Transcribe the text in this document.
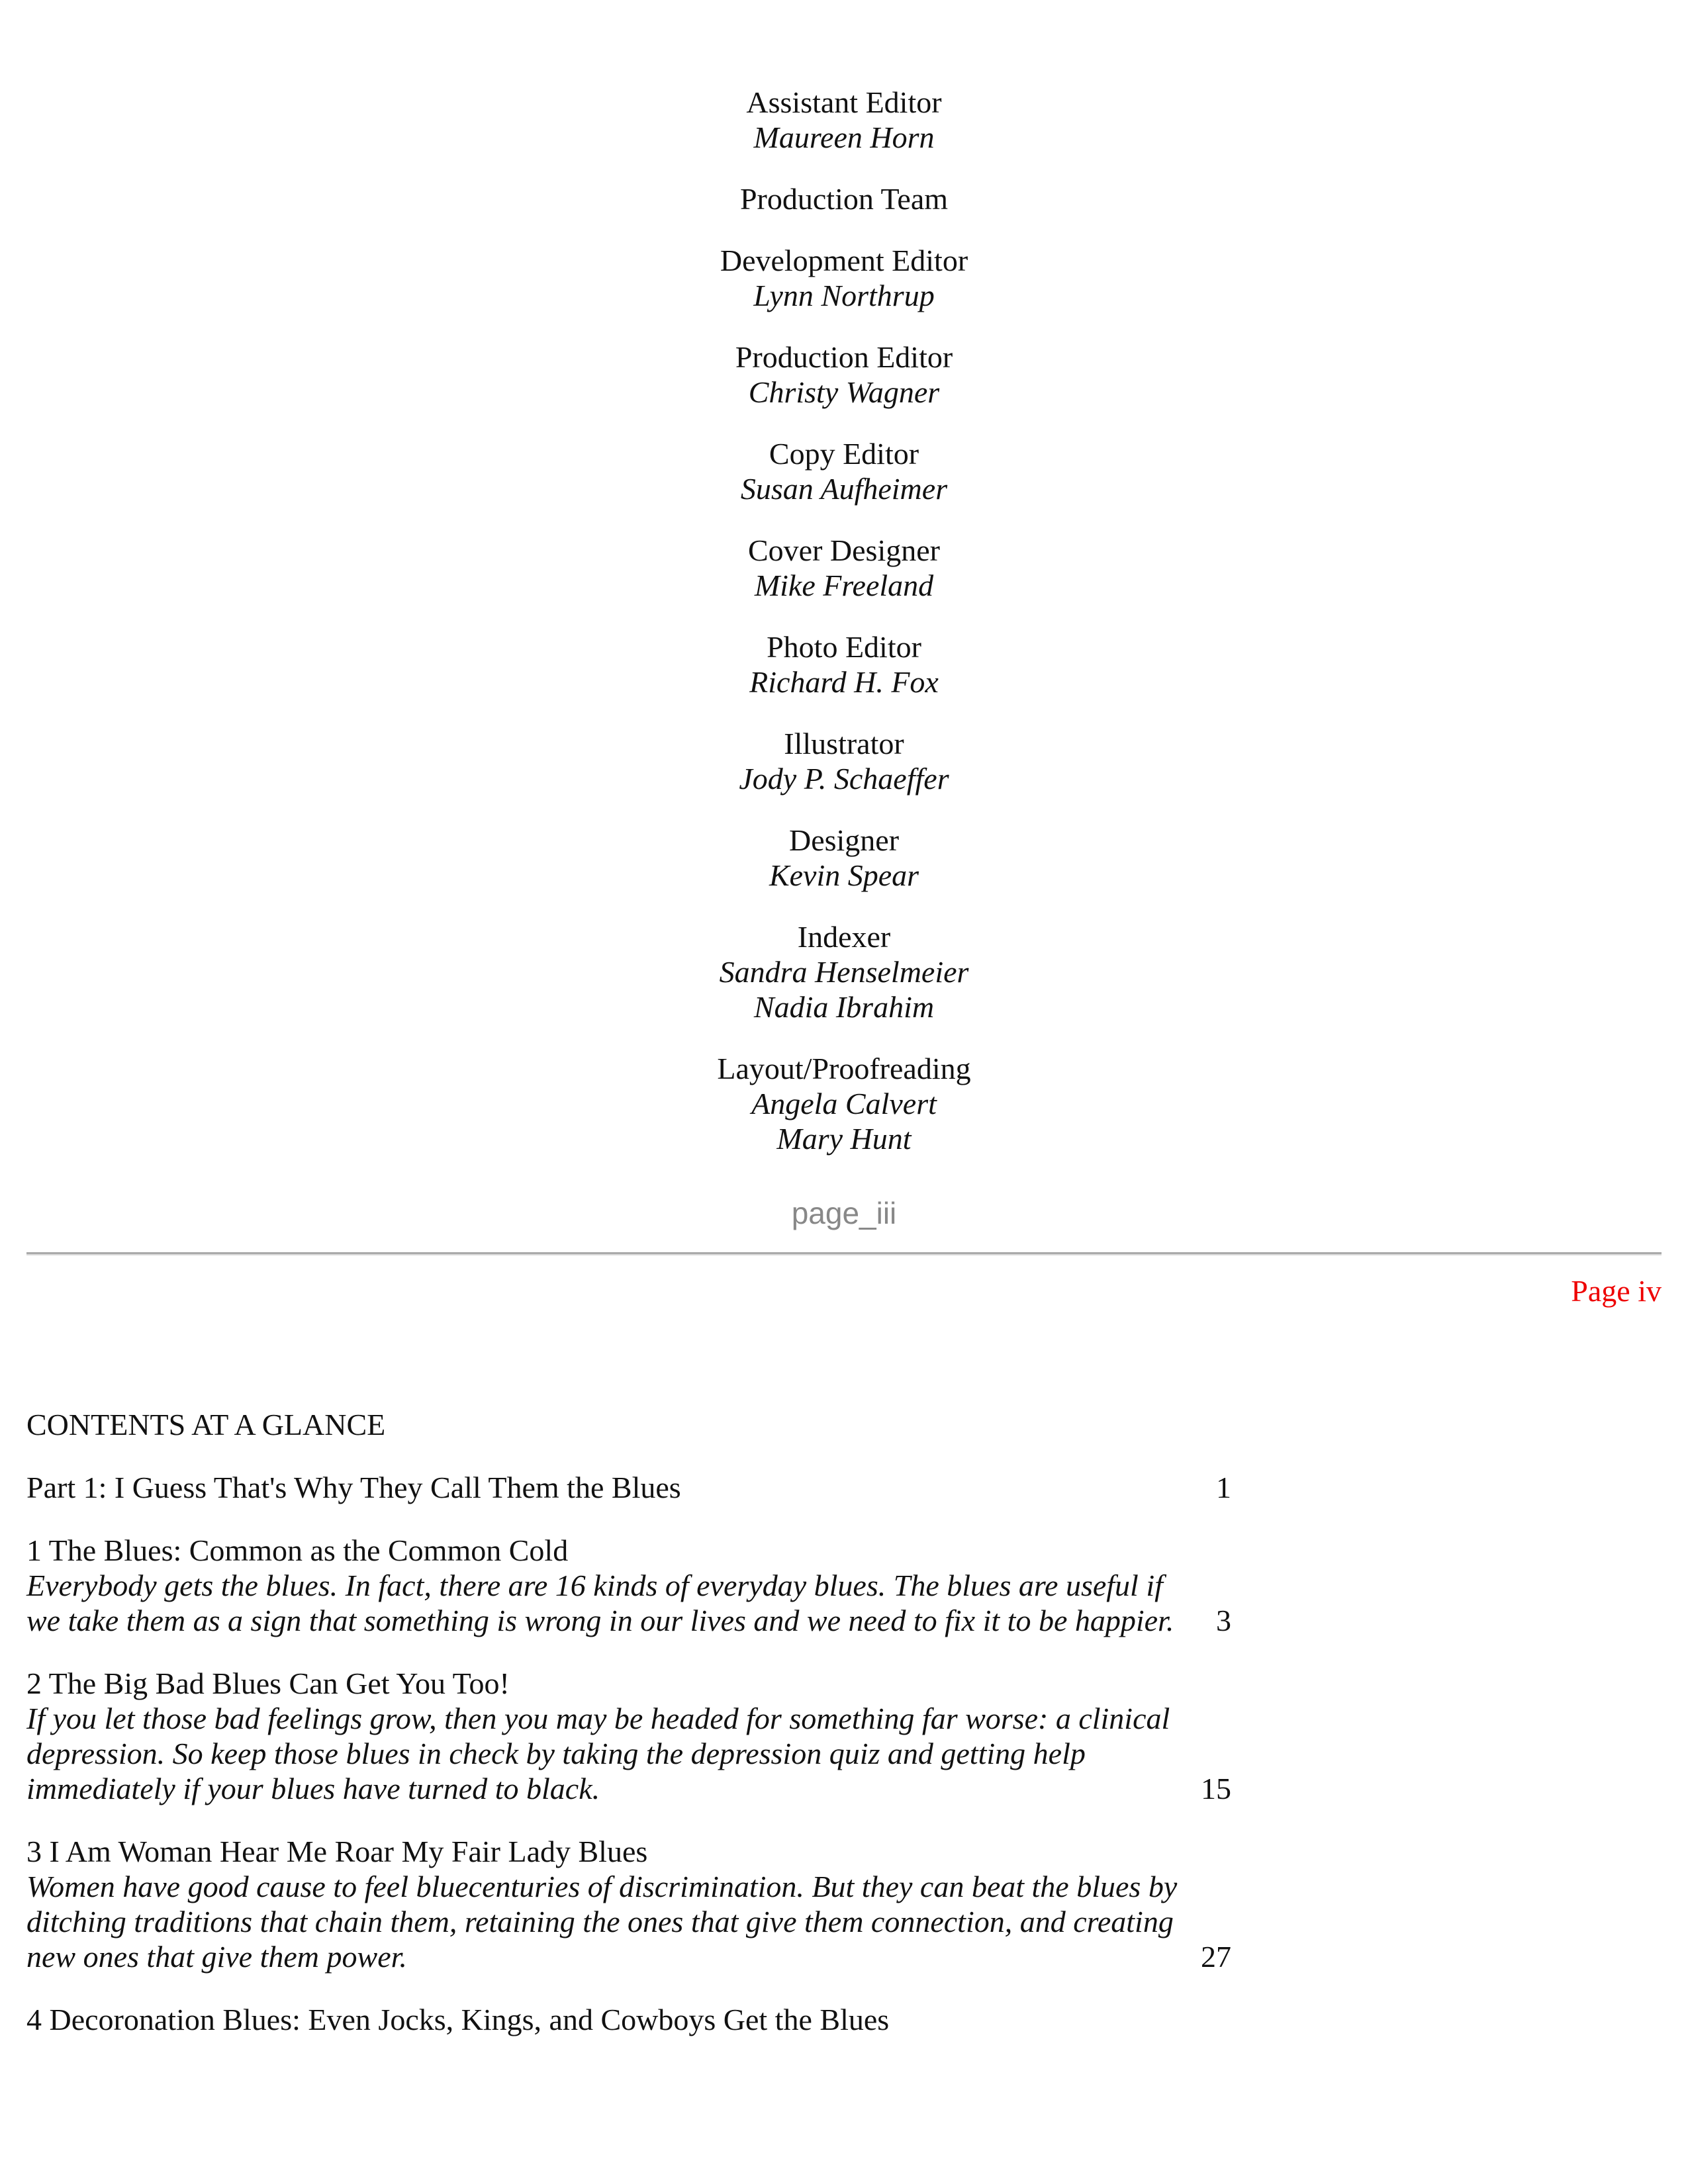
Assistant Editor
Maureen Horn
Production Team
Development Editor
Lynn Northrup
Production Editor
Christy Wagner
Copy Editor
Susan Aufheimer
Cover Designer
Mike Freeland
Photo Editor
Richard H. Fox
Illustrator
Jody P. Schaeffer
Designer
Kevin Spear
Indexer
Sandra Henselmeier
Nadia Ibrahim
Layout/Proofreading
Angela Calvert
Mary Hunt
page_iii
Page iv
CONTENTS AT A GLANCE
Part 1: I Guess That's Why They Call Them the Blues	1
1 The Blues: Common as the Common Cold
Everybody gets the blues. In fact, there are 16 kinds of everyday blues. The blues are useful if we take them as a sign that something is wrong in our lives and we need to fix it to be happier.	3
2 The Big Bad Blues Can Get You Too!
If you let those bad feelings grow, then you may be headed for something far worse: a clinical depression. So keep those blues in check by taking the depression quiz and getting help immediately if your blues have turned to black.	15
3 I Am Woman Hear Me Roar My Fair Lady Blues
Women have good cause to feel bluecenturies of discrimination. But they can beat the blues by ditching traditions that chain them, retaining the ones that give them connection, and creating new ones that give them power.	27
4 Decoronation Blues: Even Jocks, Kings, and Cowboys Get the Blues
